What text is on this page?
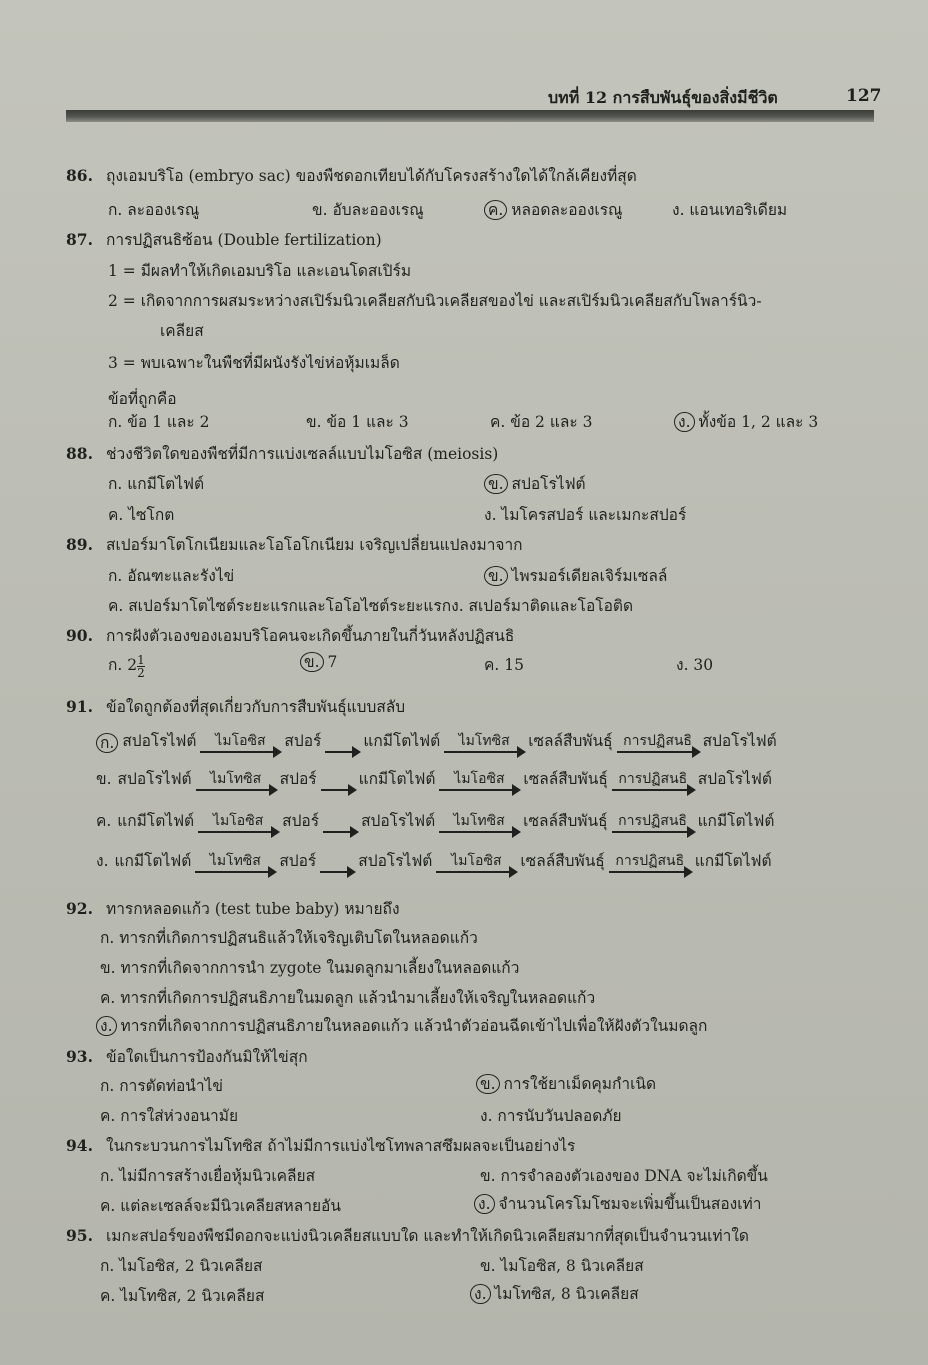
บทที่ 12 การสืบพันธุ์ของสิ่งมีชีวิต	127
86. ถุงเอมบริโอ (embryo sac) ของพืชดอกเทียบได้กับโครงสร้างใดได้ใกล้เคียงที่สุด
ก. ละอองเรณู	ข. อับละอองเรณู	ค. หลอดละอองเรณู	ง. แอนเทอริเดียม
87. การปฏิสนธิซ้อน (Double fertilization)
1 = มีผลทำให้เกิดเอมบริโอ และเอนโดสเปิร์ม
2 = เกิดจากการผสมระหว่างสเปิร์มนิวเคลียสกับนิวเคลียสของไข่ และสเปิร์มนิวเคลียสกับโพลาร์นิว-
เคลียส
3 = พบเฉพาะในพืชที่มีผนังรังไข่ห่อหุ้มเมล็ด
ข้อที่ถูกคือ
ก. ข้อ 1 และ 2	ข. ข้อ 1 และ 3	ค. ข้อ 2 และ 3	ง. ทั้งข้อ 1, 2 และ 3
88. ช่วงชีวิตใดของพืชที่มีการแบ่งเซลล์แบบไมโอซิส (meiosis)
ก. แกมีโตไฟต์	ข. สปอโรไฟต์
ค. ไซโกต	ง. ไมโครสปอร์ และเมกะสปอร์
89. สเปอร์มาโตโกเนียมและโอโอโกเนียม เจริญเปลี่ยนแปลงมาจาก
ก. อัณฑะและรังไข่	ข. ไพรมอร์เดียลเจิร์มเซลล์
ค. สเปอร์มาโตไซต์ระยะแรกและโอโอไซต์ระยะแรกง. สเปอร์มาติดและโอโอติด
90. การฝังตัวเองของเอมบริโอคนจะเกิดขึ้นภายในกี่วันหลังปฏิสนธิ
ก. $2 \frac{1}{2}$	ข. 7	ค. 15	ง. 30
91. ข้อใดถูกต้องที่สุดเกี่ยวกับการสืบพันธุ์แบบสลับ
ก. สปอโรไฟต์	ไมโอซิส	สปอร์
	แกมีโตไฟต์	ไมโทซิส	เซลล์สืบพันธุ์ การปฏิสนธิ สปอโรไฟต์
ข. สปอโรไฟต์	ไมโทซิส	สปอร์
	แกมีโตไฟต์	ไมโอซิส	เซลล์สืบพันธุ์ การปฏิสนธิ สปอโรไฟต์
ค. แกมีโตไฟต์	ไมโอซิส	สปอร์
	สปอโรไฟต์	ไมโทซิส	เซลล์สืบพันธุ์ การปฏิสนธิ แกมีโตไฟต์
ง. แกมีโตไฟต์	ไมโทซิส	สปอร์
	สปอโรไฟต์	ไมโอซิส	เซลล์สืบพันธุ์ การปฏิสนธิ แกมีโตไฟต์
92. ทารกหลอดแก้ว (test tube baby) หมายถึง
ก. ทารกที่เกิดการปฏิสนธิแล้วให้เจริญเติบโตในหลอดแก้ว
ข. ทารกที่เกิดจากการนำ zygote ในมดลูกมาเลี้ยงในหลอดแก้ว
ค. ทารกที่เกิดการปฏิสนธิภายในมดลูก แล้วนำมาเลี้ยงให้เจริญในหลอดแก้ว
ง. ทารกที่เกิดจากการปฏิสนธิภายในหลอดแก้ว แล้วนำตัวอ่อนฉีดเข้าไปเพื่อให้ฝังตัวในมดลูก
93. ข้อใดเป็นการป้องกันมิให้ไข่สุก
ก. การตัดท่อนำไข่	ข. การใช้ยาเม็ดคุมกำเนิด
ค. การใส่ห่วงอนามัย	ง. การนับวันปลอดภัย
94. ในกระบวนการไมโทซิส ถ้าไม่มีการแบ่งไซโทพลาสซึมผลจะเป็นอย่างไร
ก. ไม่มีการสร้างเยื่อหุ้มนิวเคลียส	ข. การจำลองตัวเองของ DNA จะไม่เกิดขึ้น
ค. แต่ละเซลล์จะมีนิวเคลียสหลายอัน	ง. จำนวนโครโมโซมจะเพิ่มขึ้นเป็นสองเท่า
95. เมกะสปอร์ของพืชมีดอกจะแบ่งนิวเคลียสแบบใด และทำให้เกิดนิวเคลียสมากที่สุดเป็นจำนวนเท่าใด
ก. ไมโอซิส, 2 นิวเคลียส	ข. ไมโอซิส, 8 นิวเคลียส
ค. ไมโทซิส, 2 นิวเคลียส	ง. ไมโทซิส, 8 นิวเคลียส
